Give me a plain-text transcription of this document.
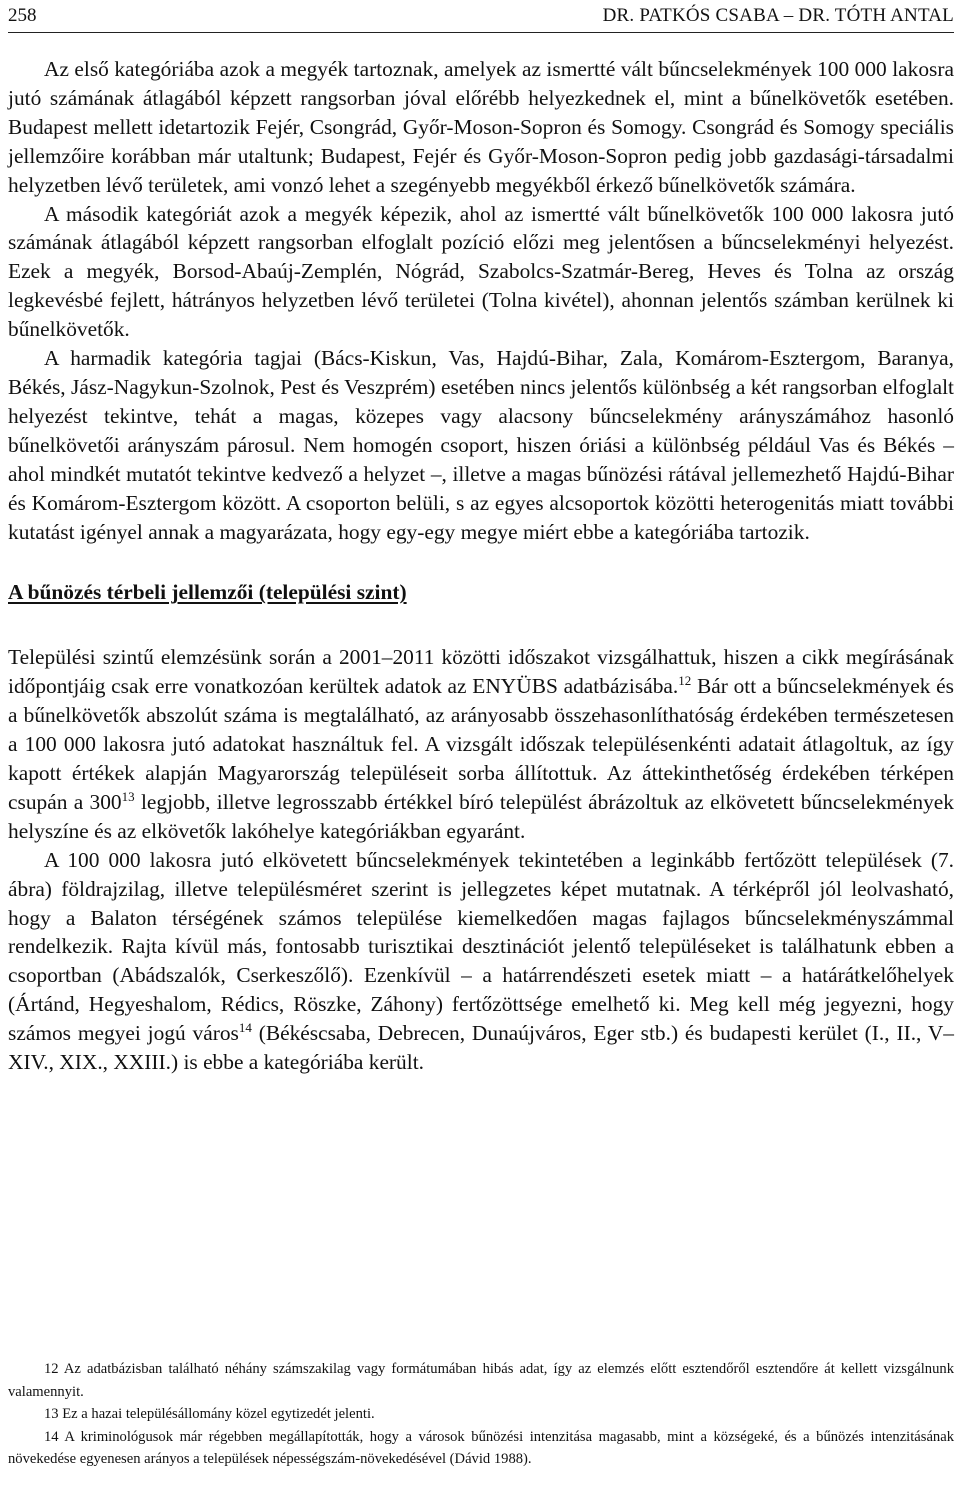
258	DR. PATKÓS CSABA – DR. TÓTH ANTAL

Az első kategóriába azok a megyék tartoznak, amelyek az ismertté vált bűncselekmények 100 000 lakosra jutó számának átlagából képzett rangsorban jóval előrébb helyezkednek el, mint a bűnelkövetők esetében. Budapest mellett idetartozik Fejér, Csongrád, Győr-Moson-Sopron és Somogy. Csongrád és Somogy speciális jellemzőire korábban már utaltunk; Budapest, Fejér és Győr-Moson-Sopron pedig jobb gazdasági-társadalmi helyzetben lévő területek, ami vonzó lehet a szegényebb megyékből érkező bűnelkövetők számára.

A második kategóriát azok a megyék képezik, ahol az ismertté vált bűnelkövetők 100 000 lakosra jutó számának átlagából képzett rangsorban elfoglalt pozíció előzi meg jelentősen a bűncselekményi helyezést. Ezek a megyék, Borsod-Abaúj-Zemplén, Nógrád, Szabolcs-Szatmár-Bereg, Heves és Tolna az ország legkevésbé fejlett, hátrányos helyzetben lévő területei (Tolna kivétel), ahonnan jelentős számban kerülnek ki bűnelkövetők.

A harmadik kategória tagjai (Bács-Kiskun, Vas, Hajdú-Bihar, Zala, Komárom-Esztergom, Baranya, Békés, Jász-Nagykun-Szolnok, Pest és Veszprém) esetében nincs jelentős különbség a két rangsorban elfoglalt helyezést tekintve, tehát a magas, közepes vagy alacsony bűncselekmény arányszámához hasonló bűnelkövetői arányszám párosul. Nem homogén csoport, hiszen óriási a különbség például Vas és Békés – ahol mindkét mutatót tekintve kedvező a helyzet –, illetve a magas bűnözési rátával jellemezhető Hajdú-Bihar és Komárom-Esztergom között. A csoporton belüli, s az egyes alcsoportok közötti heterogenitás miatt további kutatást igényel annak a magyarázata, hogy egy-egy megye miért ebbe a kategóriába tartozik.

A bűnözés térbeli jellemzői (települési szint)

Települési szintű elemzésünk során a 2001–2011 közötti időszakot vizsgálhattuk, hiszen a cikk megírásának időpontjáig csak erre vonatkozóan kerültek adatok az ENYÜBS adatbázisába.$^{12}$ Bár ott a bűncselekmények és a bűnelkövetők abszolút száma is megtalálható, az arányosabb összehasonlíthatóság érdekében természetesen a 100 000 lakosra jutó adatokat használtuk fel. A vizsgált időszak településenkénti adatait átlagoltuk, az így kapott értékek alapján Magyarország településeit sorba állítottuk. Az áttekinthetőség érdekében térképen csupán a $300^{13}$ legjobb, illetve legrosszabb értékkel bíró települést ábrázoltuk az elkövetett bűncselekmények helyszíne és az elkövetők lakóhelye kategóriákban egyaránt.

A 100 000 lakosra jutó elkövetett bűncselekmények tekintetében a leginkább fertőzött települések (7. ábra) földrajzilag, illetve településméret szerint is jellegzetes képet mutatnak. A térképről jól leolvasható, hogy a Balaton térségének számos települése kiemelkedően magas fajlagos bűncselekményszámmal rendelkezik. Rajta kívül más, fontosabb turisztikai desztinációt jelentő településeket is találhatunk ebben a csoportban (Abádszalók, Cserkeszőlő). Ezenkívül – a határrendészeti esetek miatt – a határátkelőhelyek (Ártánd, Hegyeshalom, Rédics, Röszke, Záhony) fertőzöttsége emelhető ki. Meg kell még jegyezni, hogy számos megyei jogú város$^{14}$ (Békéscsaba, Debrecen, Dunaújváros, Eger stb.) és budapesti kerület (I., II., V–XIV., XIX., XXIII.) is ebbe a kategóriába került.

12 Az adatbázisban található néhány számszakilag vagy formátumában hibás adat, így az elemzés előtt esztendőről esztendőre át kellett vizsgálnunk valamennyit.

13 Ez a hazai településállomány közel egytizedét jelenti.

14 A kriminológusok már régebben megállapították, hogy a városok bűnözési intenzitása magasabb, mint a községeké, és a bűnözés intenzitásának növekedése egyenesen arányos a települések népességszám-növekedésével (Dávid 1988).
